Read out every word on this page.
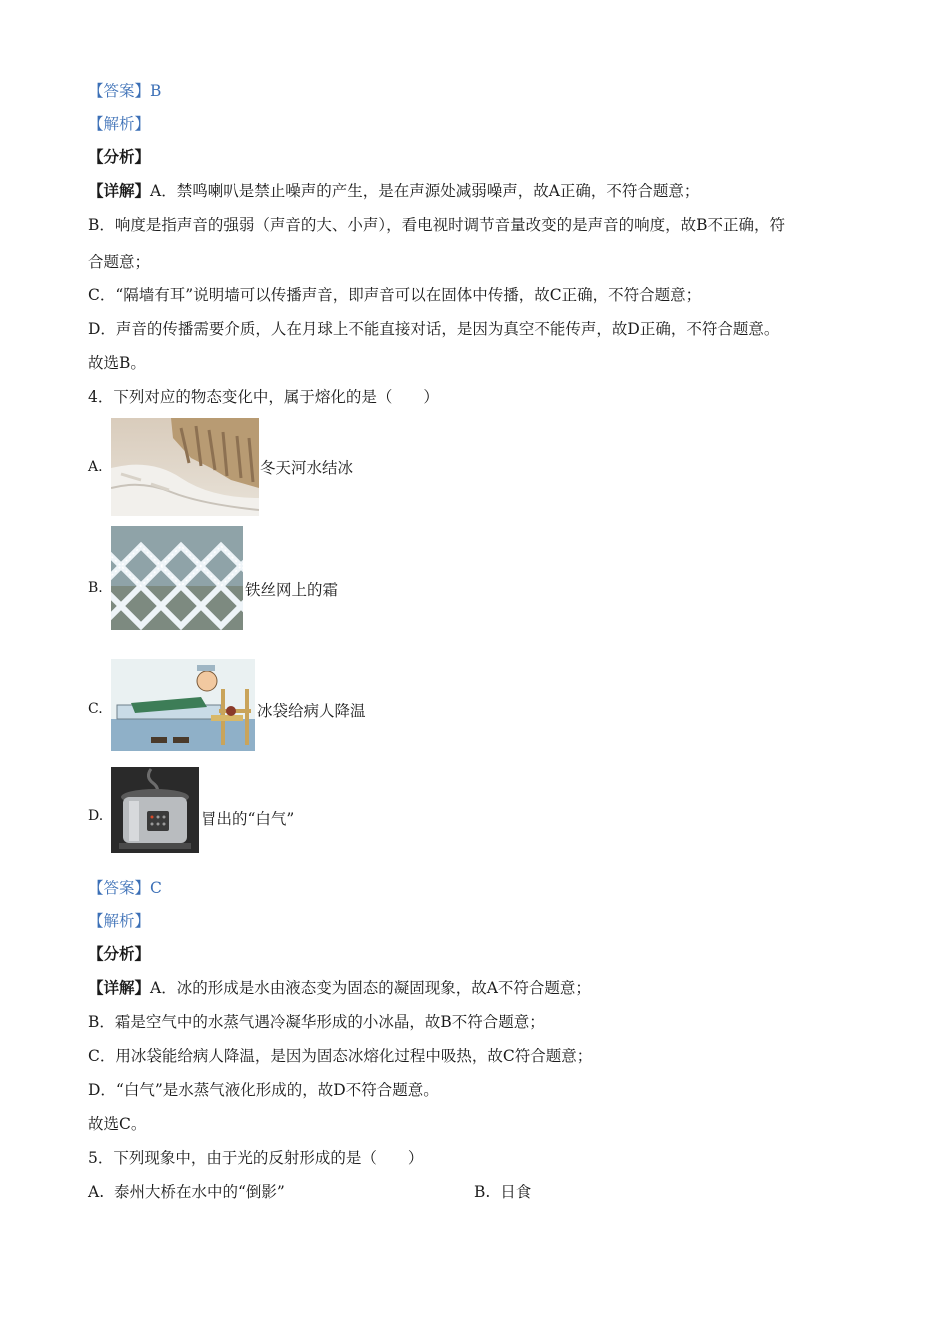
【答案】B
【解析】
【分析】
【详解】A．禁鸣喇叭是禁止噪声的产生，是在声源处减弱噪声，故A正确，不符合题意；
B．响度是指声音的强弱（声音的大、小声），看电视时调节音量改变的是声音的响度，故B不正确，符
合题意；
C．“隔墙有耳”说明墙可以传播声音，即声音可以在固体中传播，故C正确，不符合题意；
D．声音的传播需要介质，人在月球上不能直接对话，是因为真空不能传声，故D正确，不符合题意。
故选B。
4．下列对应的物态变化中，属于熔化的是（　　）
A.	冬天河水结冰
B.	铁丝网上的霜
C.	冰袋给病人降温
D.	冒出的“白气”
【答案】C
【解析】
【分析】
【详解】A．冰的形成是水由液态变为固态的凝固现象，故A不符合题意；
B．霜是空气中的水蒸气遇冷凝华形成的小冰晶，故B不符合题意；
C．用冰袋能给病人降温，是因为固态冰熔化过程中吸热，故C符合题意；
D．“白气”是水蒸气液化形成的，故D不符合题意。
故选C。
5．下列现象中，由于光的反射形成的是（　　）
A. 泰州大桥在水中的“倒影”	B. 日食
